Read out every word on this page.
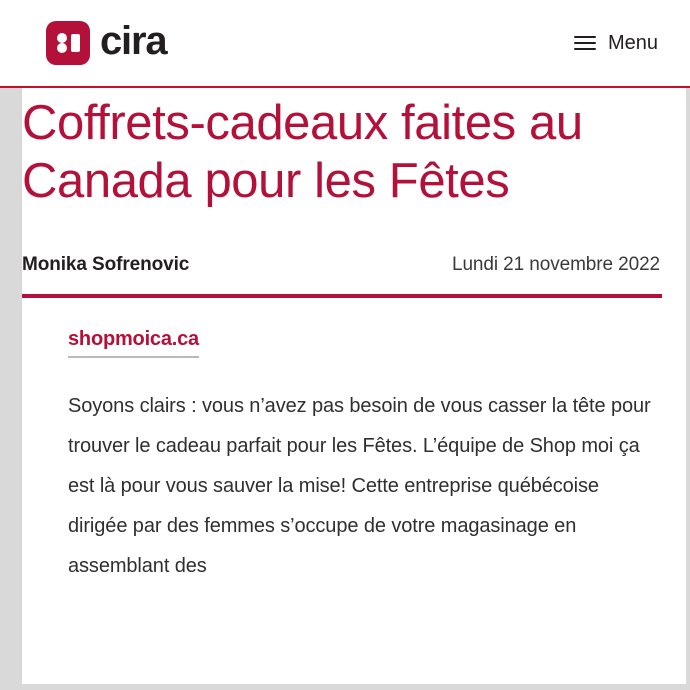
cira	Menu
Coffrets-cadeaux faites au Canada pour les Fêtes
Monika Sofrenovic	Lundi 21 novembre 2022
shopmoica.ca

Soyons clairs : vous n’avez pas besoin de vous casser la tête pour trouver le cadeau parfait pour les Fêtes. L’équipe de Shop moi ça est là pour vous sauver la mise! Cette entreprise québécoise dirigée par des femmes s’occupe de votre magasinage en assemblant des
